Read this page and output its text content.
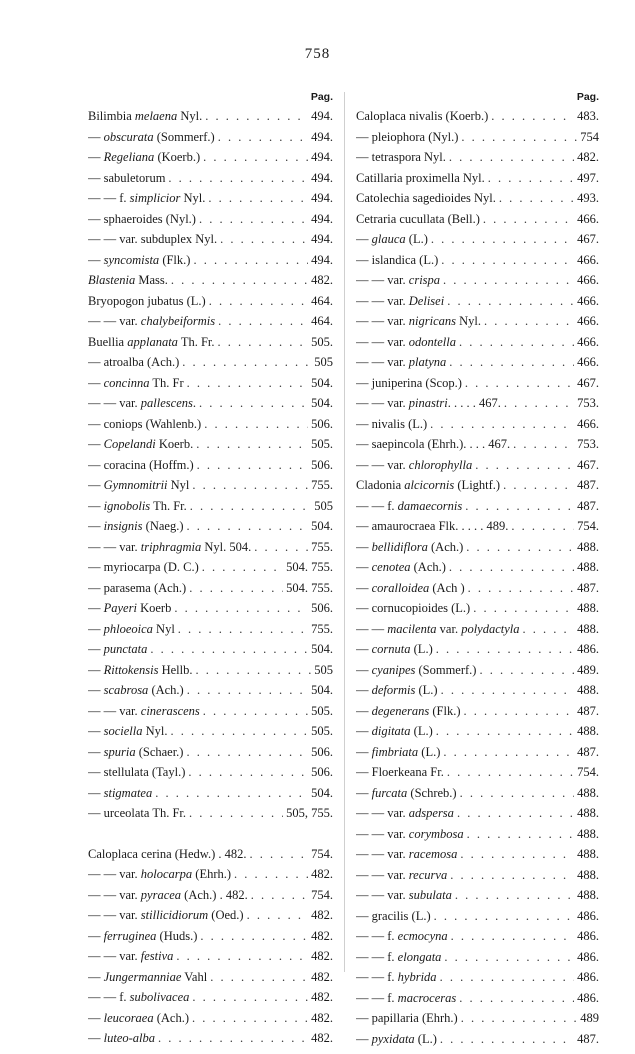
758
Pag.
Bilimbia melaena Nyl. . . .	494.
— obscurata (Sommerf.) . . .	494.
— Regeliana (Koerb.) . . .	494.
— sabuletorum . . .	494.
— — f. simplicior Nyl. . . .	494.
— sphaeroides (Nyl.) . . .	494.
— — var. subduplex Nyl. . . .	494.
— syncomista (Flk.) . . .	494.
Blastenia Mass. . . .	482.
Bryopogon jubatus (L.) . . .	464.
— — var. chalybeiformis . . .	464.
Buellia applanata Th. Fr. . . .	505.
— atroalba (Ach.) . . .	505
— concinna Th. Fr . . .	504.
— — var. pallescens. . . .	504.
— coniops (Wahlenb.) . . .	506.
— Copelandi Koerb. . . .	505.
— coracina (Hoffm.) . . .	506.
— Gymnomitrii Nyl . . .	755.
— ignobolis Th. Fr. . . .	505
— insignis (Naeg.) . . .	504.
— — var. triphragmia Nyl. 504. . . .	755.
— myriocarpa (D. C.) . . .	504. 755.
— parasema (Ach.) . . .	504. 755.
— Payeri Koerb . . .	506.
— phloeoica Nyl . . .	755.
— punctata . . .	504.
— Rittokensis Hellb. . . .	505
— scabrosa (Ach.) . . .	504.
— — var. cinerascens . . .	505.
— sociella Nyl. . . .	505.
— spuria (Schaer.) . . .	506.
— stellulata (Tayl.) . . .	506.
— stigmatea . . .	504.
— urceolata Th. Fr. . . .	505, 755.
Caloplaca cerina (Hedw.) . 482. . . .	754.
— — var. holocarpa (Ehrh.) . . .	482.
— — var. pyracea (Ach.) . 482. . . .	754.
— — var. stillicidiorum (Oed.) . . .	482.
— ferruginea (Huds.) . . .	482.
— — var. festiva . . .	482.
— Jungermanniae Vahl . . .	482.
— — f. subolivacea . . .	482.
— leucoraea (Ach.) . . .	482.
— luteo-alba . . .	482.
Pag.
Caloplaca nivalis (Koerb.) . . .	483.
— pleiophora (Nyl.) . . .	754
— tetraspora Nyl. . . .	482.
Catillaria proximella Nyl. . . .	497.
Catolechia sagedioides Nyl. . . .	493.
Cetraria cucullata (Bell.) . . .	466.
— glauca (L.) . . .	467.
— islandica (L.) . . .	466.
— — var. crispa . . .	466.
— — var. Delisei . . .	466.
— — var. nigricans Nyl. . . .	466.
— — var. odontella . . .	466.
— — var. platyna . . .	466.
— juniperina (Scop.) . . .	467.
— — var. pinastri. . . . . 467. . . .	753.
— nivalis (L.) . . .	466.
— saepincola (Ehrh.). . . . 467. . . .	753.
— — var. chlorophylla . . .	467.
Cladonia alcicornis (Lightf.) . . .	487.
— — f. damaecornis . . .	487.
— amaurocraea Flk. . . . . 489. . . .	754.
— bellidiflora (Ach.) . . .	488.
— cenotea (Ach.) . . .	488.
— coralloidea (Ach ) . . .	487.
— cornucopioides (L.) . . .	488.
— — macilenta var. polydactyla . . .	488.
— cornuta (L.) . . .	486.
— cyanipes (Sommerf.) . . .	489.
— deformis (L.) . . .	488.
— degenerans (Flk.) . . .	487.
— digitata (L.) . . .	488.
— fimbriata (L.) . . .	487.
— Floerkeana Fr. . . .	754.
— furcata (Schreb.) . . .	488.
— — var. adspersa . . .	488.
— — var. corymbosa . . .	488.
— — var. racemosa . . .	488.
— — var. recurva . . .	488.
— — var. subulata . . .	488.
— gracilis (L.) . . .	486.
— — f. ecmocyna . . .	486.
— — f. elongata . . .	486.
— — f. hybrida . . .	486.
— — f. macroceras . . .	486.
— papillaria (Ehrh.) . . .	489
— pyxidata (L.) . . .	487.
